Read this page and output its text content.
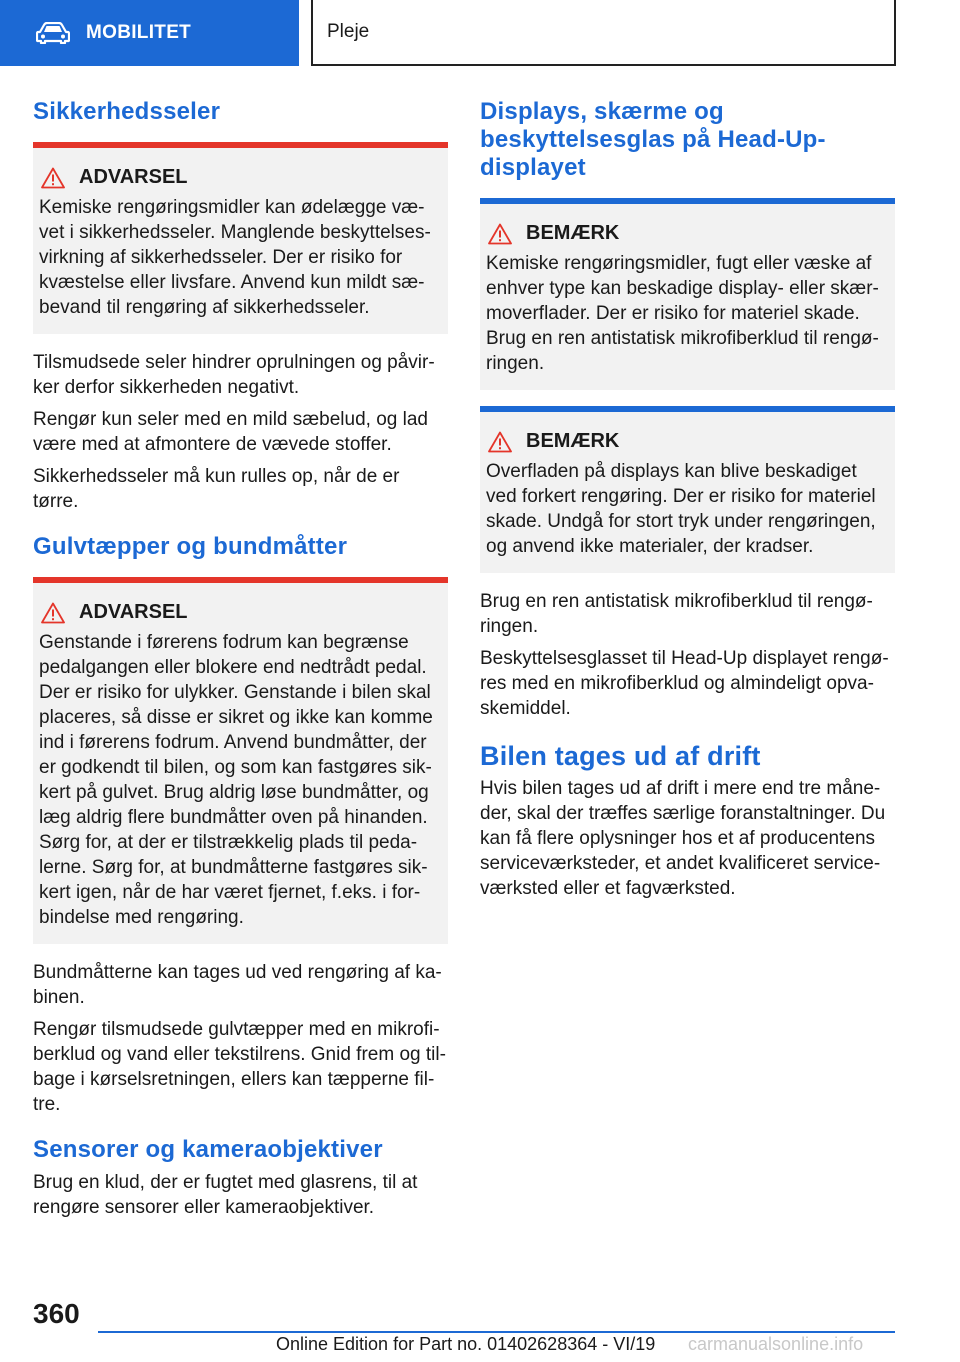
MOBILITET	Pleje
Sikkerhedsseler
ADVARSEL

Kemiske rengøringsmidler kan ødelægge væ-vet i sikkerhedsseler. Manglende beskyttelses-virkning af sikkerhedsseler. Der er risiko for kvæstelse eller livsfare. Anvend kun mildt sæ-bevand til rengøring af sikkerhedsseler.

Tilsmudsede seler hindrer oprulningen og påvir-ker derfor sikkerheden negativt.

Rengør kun seler med en mild sæbelud, og lad være med at afmontere de vævede stoffer.

Sikkerhedsseler må kun rulles op, når de er tørre.

Gulvtæpper og bundmåtter
ADVARSEL

Genstande i førerens fodrum kan begrænse pedalgangen eller blokere end nedtrådt pedal. Der er risiko for ulykker. Genstande i bilen skal placeres, så disse er sikret og ikke kan komme ind i førerens fodrum. Anvend bundmåtter, der er godkendt til bilen, og som kan fastgøres sik-kert på gulvet. Brug aldrig løse bundmåtter, og læg aldrig flere bundmåtter oven på hinanden. Sørg for, at der er tilstrækkelig plads til peda-lerne. Sørg for, at bundmåtterne fastgøres sik-kert igen, når de har været fjernet, f.eks. i for-bindelse med rengøring.

Bundmåtterne kan tages ud ved rengøring af ka-binen.

Rengør tilsmudsede gulvtæpper med en mikrofi-berklud og vand eller tekstilrens. Gnid frem og til-bage i kørselsretningen, ellers kan tæpperne fil-tre.

Sensorer og kameraobjektiver

Brug en klud, der er fugtet med glasrens, til at rengøre sensorer eller kameraobjektiver.

Displays, skærme og beskyttelsesglas på Head-Up-displayet
BEMÆRK

Kemiske rengøringsmidler, fugt eller væske af enhver type kan beskadige display- eller skær-moverflader. Der er risiko for materiel skade. Brug en ren antistatisk mikrofiberklud til rengø-ringen.

BEMÆRK

Overfladen på displays kan blive beskadiget ved forkert rengøring. Der er risiko for materiel skade. Undgå for stort tryk under rengøringen, og anvend ikke materialer, der kradser.

Brug en ren antistatisk mikrofiberklud til rengø-ringen.

Beskyttelsesglasset til Head-Up displayet rengø-res med en mikrofiberklud og almindeligt opva-skemiddel.

Bilen tages ud af drift

Hvis bilen tages ud af drift i mere end tre måne-der, skal der træffes særlige foranstaltninger. Du kan få flere oplysninger hos et af producentens serviceværksteder, et andet kvalificeret service-værksted eller et fagværksted.

360
Online Edition for Part no. 01402628364 - VI/19 carmanualsonline.info
